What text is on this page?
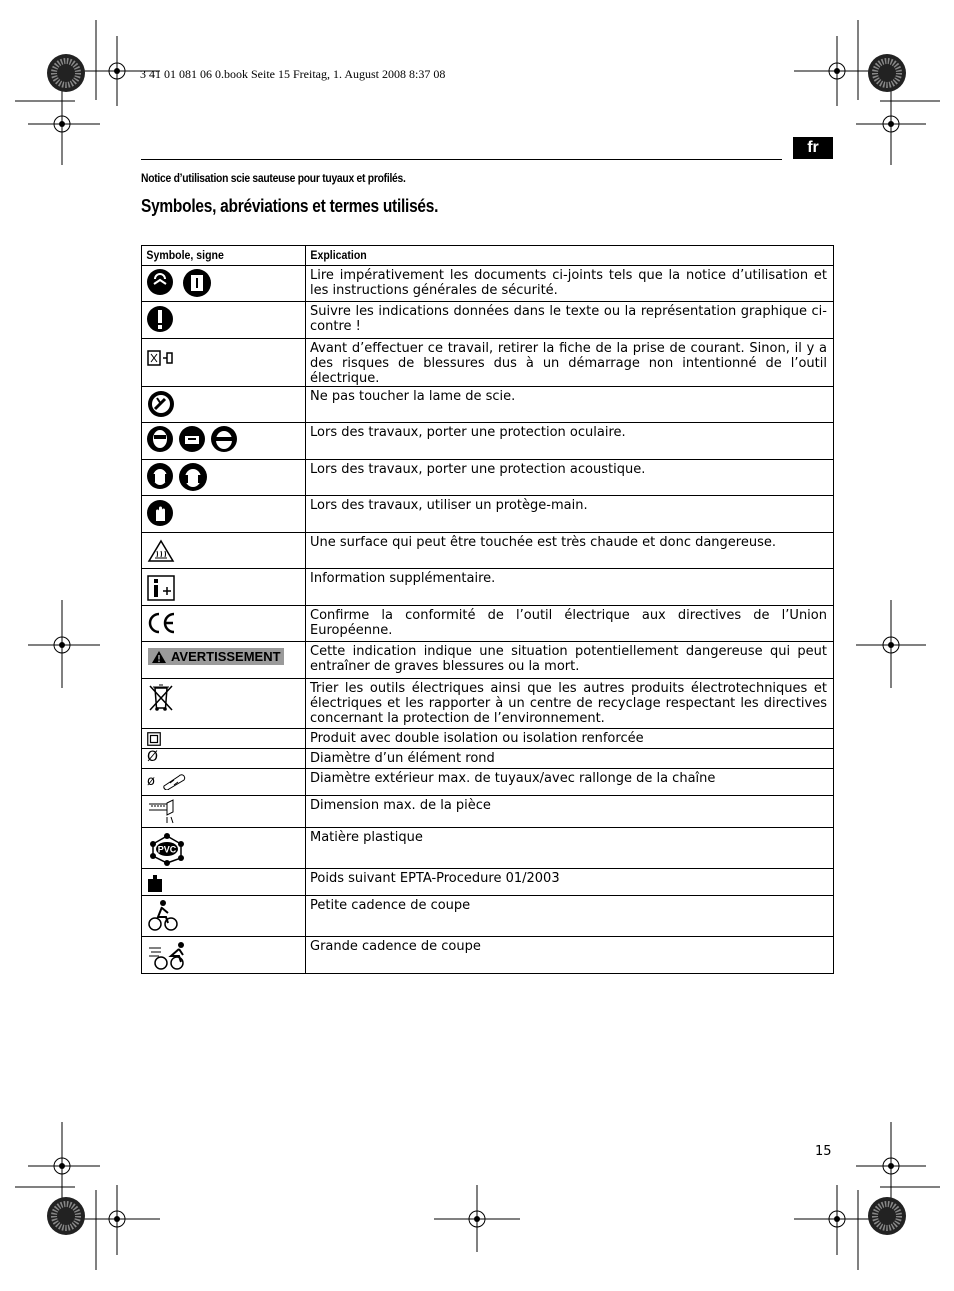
3 41 01 081 06 0.book Seite 15 Freitag, 1. August 2008 8:37 08
fr
Notice d’utilisation scie sauteuse pour tuyaux et profilés.
Symboles, abréviations et termes utilisés.
Symbole, signe	Explication

Lire impérativement les documents ci-joints tels que la notice d’utilisation et les instructions générales de sécurité.

Suivre les indications données dans le texte ou la représentation graphique ci-contre !

Avant d’effectuer ce travail, retirer la fiche de la prise de courant. Sinon, il y a des risques de blessures dus à un démarrage non intentionné de l’outil électrique.

Ne pas toucher la lame de scie.

Lors des travaux, porter une protection oculaire.

Lors des travaux, porter une protection acoustique.

Lors des travaux, utiliser un protège-main.

Une surface qui peut être touchée est très chaude et donc dangereuse.

Information supplémentaire.

Confirme la conformité de l’outil électrique aux directives de l’Union Européenne.

AVERTISSEMENT	Cette indication indique une situation potentiellement dangereuse qui peut entraîner de graves blessures ou la mort.

Trier les outils électriques ainsi que les autres produits électrotechniques et électriques et les rapporter à un centre de recyclage respectant les directives concernant la protection de l’environnement.

Produit avec double isolation ou isolation renforcée

Ø	Diamètre d’un élément rond

ø	Diamètre extérieur max. de tuyaux/avec rallonge de la chaîne

Dimension max. de la pièce

PVC	Matière plastique

Poids suivant EPTA-Procedure 01/2003

Petite cadence de coupe

Grande cadence de coupe
15
